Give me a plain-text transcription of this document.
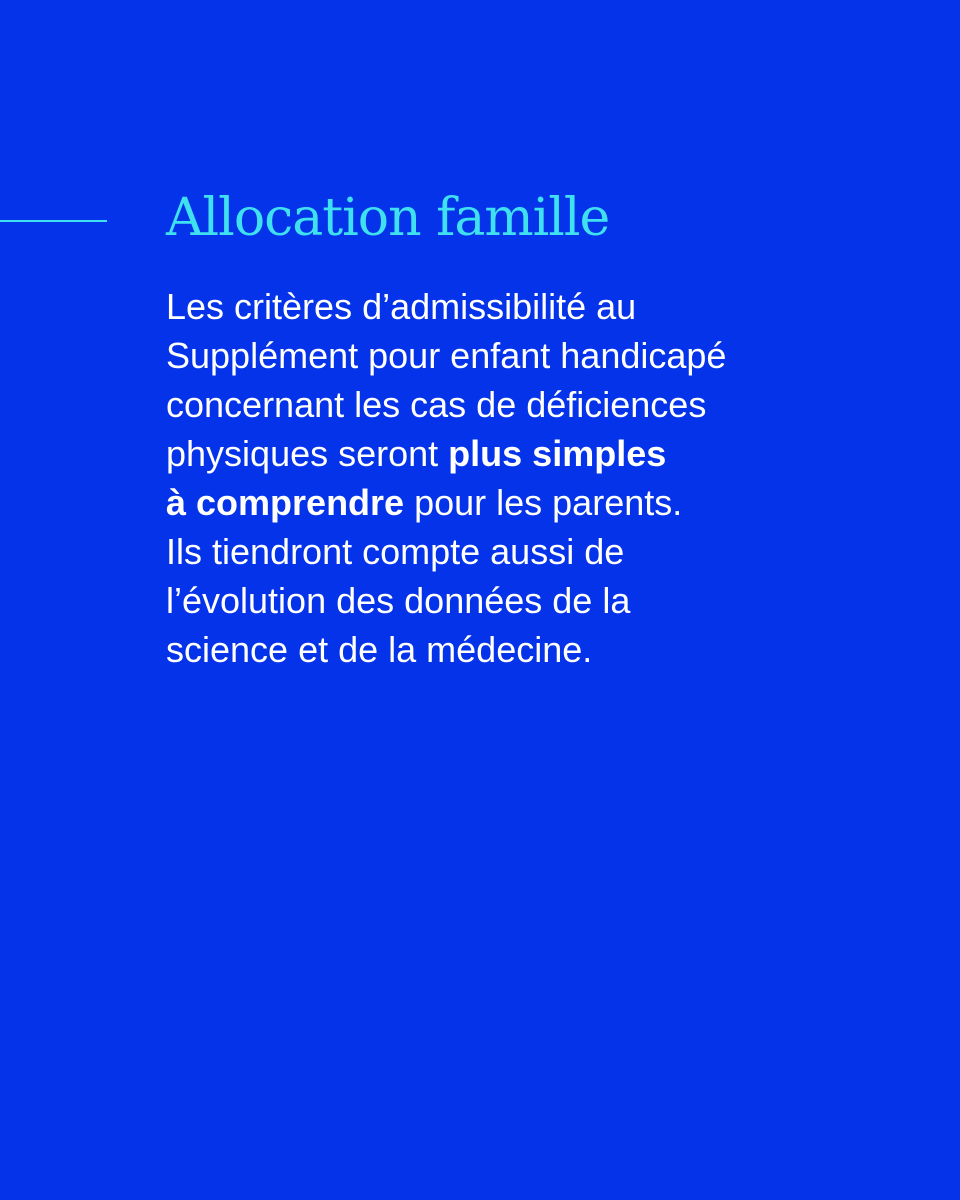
Allocation famille

Les critères d’admissibilité au
Supplément pour enfant handicapé
concernant les cas de déficiences
physiques seront plus simples
à comprendre pour les parents.
Ils tiendront compte aussi de
l’évolution des données de la
science et de la médecine.
